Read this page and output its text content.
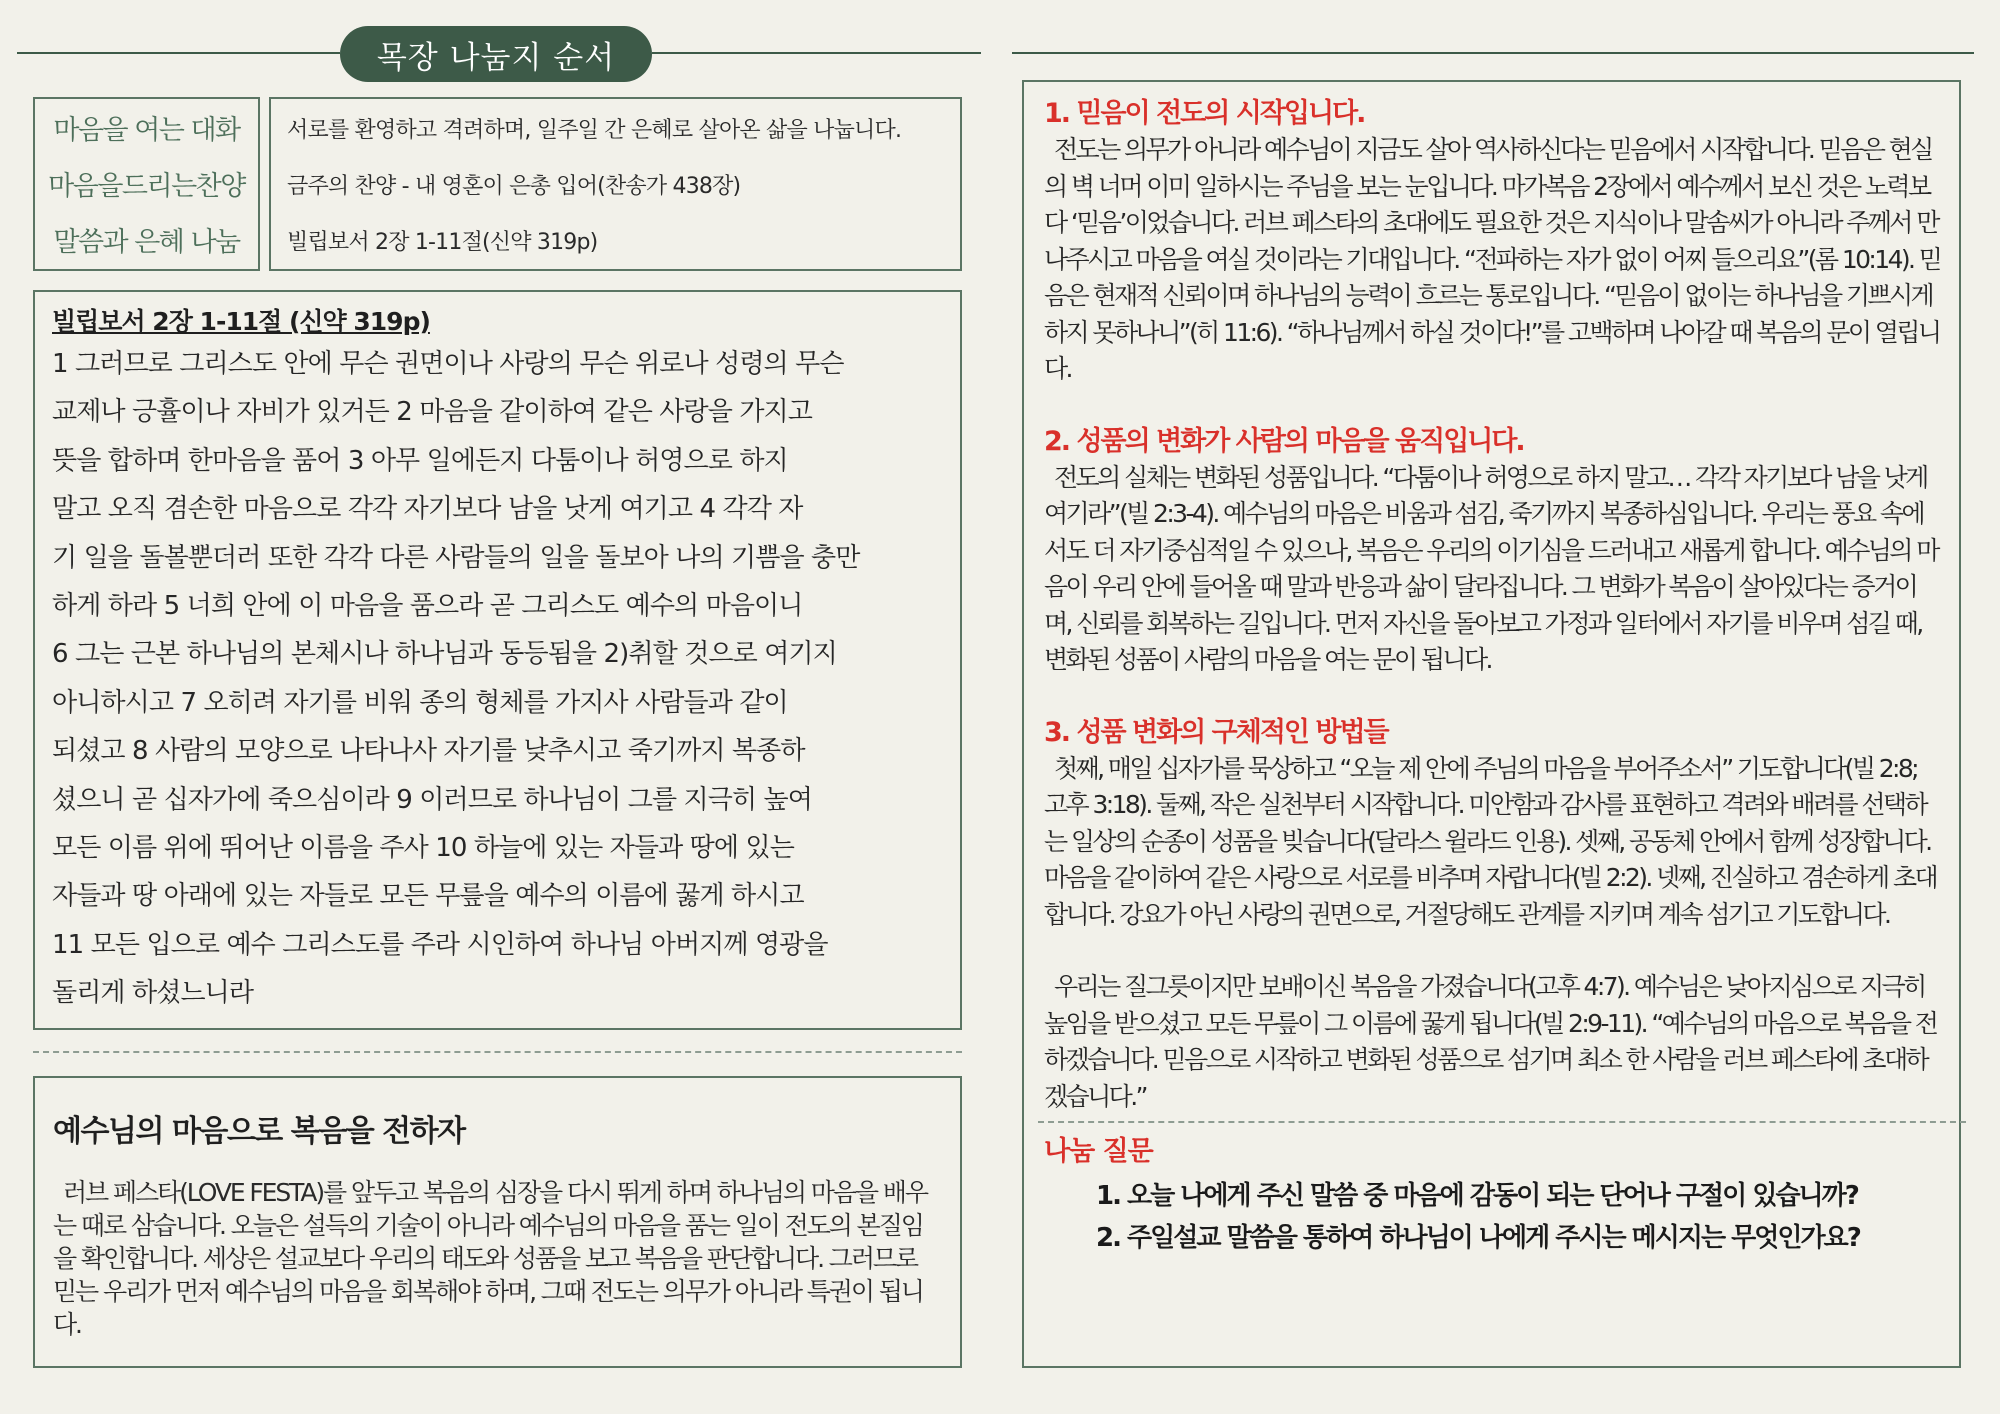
목장 나눔지 순서
마음을 여는 대화
마음을드리는찬양
말씀과 은혜 나눔
서로를 환영하고 격려하며, 일주일 간 은혜로 살아온 삶을 나눕니다.
금주의 찬양 - 내 영혼이 은총 입어(찬송가 438장)
빌립보서 2장 1-11절(신약 319p)
빌립보서 2장 1-11절 (신약 319p)
1 그러므로 그리스도 안에 무슨 권면이나 사랑의 무슨 위로나 성령의 무슨
교제나 긍휼이나 자비가 있거든 2 마음을 같이하여 같은 사랑을 가지고
뜻을 합하며 한마음을 품어 3 아무 일에든지 다툼이나 허영으로 하지
말고 오직 겸손한 마음으로 각각 자기보다 남을 낫게 여기고 4 각각 자
기 일을 돌볼뿐더러 또한 각각 다른 사람들의 일을 돌보아 나의 기쁨을 충만
하게 하라 5 너희 안에 이 마음을 품으라 곧 그리스도 예수의 마음이니
6 그는 근본 하나님의 본체시나 하나님과 동등됨을 2)취할 것으로 여기지
아니하시고 7 오히려 자기를 비워 종의 형체를 가지사 사람들과 같이
되셨고 8 사람의 모양으로 나타나사 자기를 낮추시고 죽기까지 복종하
셨으니 곧 십자가에 죽으심이라 9 이러므로 하나님이 그를 지극히 높여
모든 이름 위에 뛰어난 이름을 주사 10 하늘에 있는 자들과 땅에 있는
자들과 땅 아래에 있는 자들로 모든 무릎을 예수의 이름에 꿇게 하시고
11 모든 입으로 예수 그리스도를 주라 시인하여 하나님 아버지께 영광을
돌리게 하셨느니라
예수님의 마음으로 복음을 전하자
러브 페스타(LOVE FESTA)를 앞두고 복음의 심장을 다시 뛰게 하며 하나님의 마음을 배우는 때로 삼습니다. 오늘은 설득의 기술이 아니라 예수님의 마음을 품는 일이 전도의 본질임을 확인합니다. 세상은 설교보다 우리의 태도와 성품을 보고 복음을 판단합니다. 그러므로 믿는 우리가 먼저 예수님의 마음을 회복해야 하며, 그때 전도는 의무가 아니라 특권이 됩니다.
1. 믿음이 전도의 시작입니다.
전도는 의무가 아니라 예수님이 지금도 살아 역사하신다는 믿음에서 시작합니다. 믿음은 현실의 벽 너머 이미 일하시는 주님을 보는 눈입니다. 마가복음 2장에서 예수께서 보신 것은 노력보다 ‘믿음’이었습니다. 러브 페스타의 초대에도 필요한 것은 지식이나 말솜씨가 아니라 주께서 만나주시고 마음을 여실 것이라는 기대입니다. “전파하는 자가 없이 어찌 들으리요”(롬 10:14). 믿음은 현재적 신뢰이며 하나님의 능력이 흐르는 통로입니다. “믿음이 없이는 하나님을 기쁘시게 하지 못하나니”(히 11:6). “하나님께서 하실 것이다!”를 고백하며 나아갈 때 복음의 문이 열립니다.
2. 성품의 변화가 사람의 마음을 움직입니다.
전도의 실체는 변화된 성품입니다. “다툼이나 허영으로 하지 말고… 각각 자기보다 남을 낫게 여기라”(빌 2:3-4). 예수님의 마음은 비움과 섬김, 죽기까지 복종하심입니다. 우리는 풍요 속에서도 더 자기중심적일 수 있으나, 복음은 우리의 이기심을 드러내고 새롭게 합니다. 예수님의 마음이 우리 안에 들어올 때 말과 반응과 삶이 달라집니다. 그 변화가 복음이 살아있다는 증거이며, 신뢰를 회복하는 길입니다. 먼저 자신을 돌아보고 가정과 일터에서 자기를 비우며 섬길 때, 변화된 성품이 사람의 마음을 여는 문이 됩니다.
3. 성품 변화의 구체적인 방법들
첫째, 매일 십자가를 묵상하고 “오늘 제 안에 주님의 마음을 부어주소서” 기도합니다(빌 2:8; 고후 3:18). 둘째, 작은 실천부터 시작합니다. 미안함과 감사를 표현하고 격려와 배려를 선택하는 일상의 순종이 성품을 빚습니다(달라스 윌라드 인용). 셋째, 공동체 안에서 함께 성장합니다. 마음을 같이하여 같은 사랑으로 서로를 비추며 자랍니다(빌 2:2). 넷째, 진실하고 겸손하게 초대합니다. 강요가 아닌 사랑의 권면으로, 거절당해도 관계를 지키며 계속 섬기고 기도합니다.
우리는 질그릇이지만 보배이신 복음을 가졌습니다(고후 4:7). 예수님은 낮아지심으로 지극히 높임을 받으셨고 모든 무릎이 그 이름에 꿇게 됩니다(빌 2:9-11). “예수님의 마음으로 복음을 전하겠습니다. 믿음으로 시작하고 변화된 성품으로 섬기며 최소 한 사람을 러브 페스타에 초대하겠습니다.”
나눔 질문
1. 오늘 나에게 주신 말씀 중 마음에 감동이 되는 단어나 구절이 있습니까?
2. 주일설교 말씀을 통하여 하나님이 나에게 주시는 메시지는 무엇인가요?
